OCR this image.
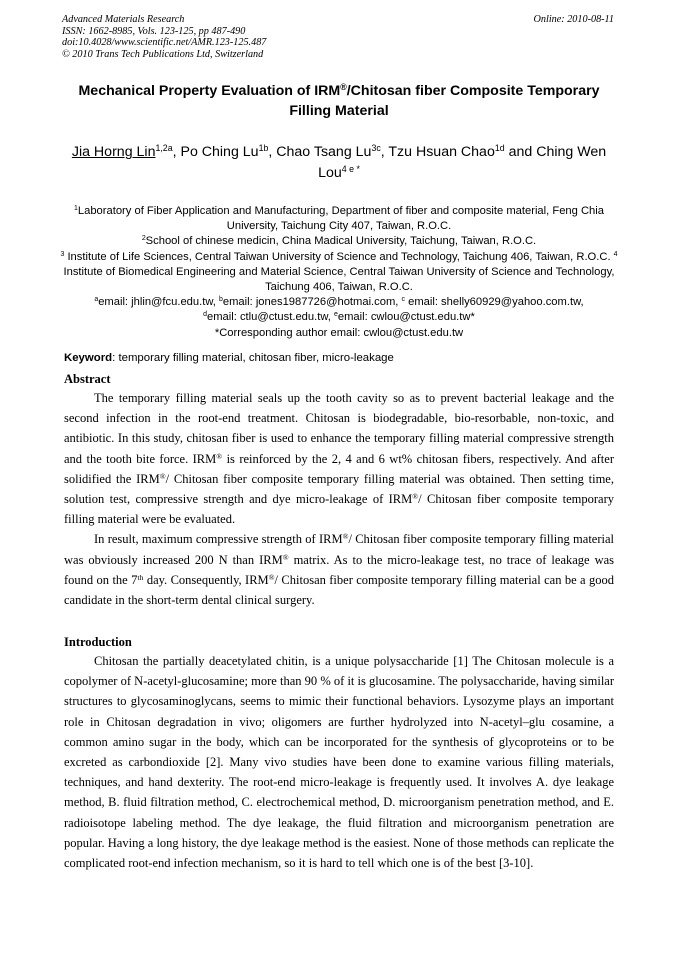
Advanced Materials Research
ISSN: 1662-8985, Vols. 123-125, pp 487-490
doi:10.4028/www.scientific.net/AMR.123-125.487
© 2010 Trans Tech Publications Ltd, Switzerland
Online: 2010-08-11
Mechanical Property Evaluation of IRM®/Chitosan fiber Composite Temporary Filling Material
Jia Horng Lin$^{1,2a}$, Po Ching $Lu^{1b}$, Chao Tsang $Lu^{3c}$, Tzu Hsuan Chao$^{1d}$ and Ching Wen Lou$^{4 e *}$
$^1$Laboratory of Fiber Application and Manufacturing, Department of fiber and composite material, Feng Chia University, Taichung City 407, Taiwan, R.O.C.
$^2$School of chinese medicin, China Madical University, Taichung, Taiwan, R.O.C.
$^3$ Institute of Life Sciences, Central Taiwan University of Science and Technology, Taichung 406, Taiwan, R.O.C. $^4$ Institute of Biomedical Engineering and Material Science, Central Taiwan University of Science and Technology, Taichung 406, Taiwan, R.O.C.
$^a$email: jhlin@fcu.edu.tw, $^b$email: jones1987726@hotmai.com, $^c$ email: shelly60929@yahoo.com.tw,
$^d$email: ctlu@ctust.edu.tw, $^e$email: cwlou@ctust.edu.tw*
*Corresponding author email: cwlou@ctust.edu.tw
Keyword: temporary filling material, chitosan fiber, micro-leakage
Abstract

The temporary filling material seals up the tooth cavity so as to prevent bacterial leakage and the second infection in the root-end treatment. Chitosan is biodegradable, bio-resorbable, non-toxic, and antibiotic. In this study, chitosan fiber is used to enhance the temporary filling material compressive strength and the tooth bite force. IRM® is reinforced by the 2, 4 and 6 wt% chitosan fibers, respectively. And after solidified the IRM®/ Chitosan fiber composite temporary filling material was obtained. Then setting time, solution test, compressive strength and dye micro-leakage of IRM®/ Chitosan fiber composite temporary filling material were be evaluated.

In result, maximum compressive strength of IRM®/ Chitosan fiber composite temporary filling material was obviously increased 200 N than IRM® matrix. As to the micro-leakage test, no trace of leakage was found on the 7th day. Consequently, IRM®/ Chitosan fiber composite temporary filling material can be a good candidate in the short-term dental clinical surgery.

Introduction

Chitosan the partially deacetylated chitin, is a unique polysaccharide [1] The Chitosan molecule is a copolymer of N-acetyl-glucosamine; more than 90 % of it is glucosamine. The polysaccharide, having similar structures to glycosaminoglycans, seems to mimic their functional behaviors. Lysozyme plays an important role in Chitosan degradation in vivo; oligomers are further hydrolyzed into N-acetyl–glu cosamine, a common amino sugar in the body, which can be incorporated for the synthesis of glycoproteins or to be excreted as carbondioxide [2]. Many vivo studies have been done to examine various filling materials, techniques, and hand dexterity. The root-end micro-leakage is frequently used. It involves A. dye leakage method, B. fluid filtration method, C. electrochemical method, D. microorganism penetration method, and E. radioisotope labeling method. The dye leakage, the fluid filtration and microorganism penetration are popular. Having a long history, the dye leakage method is the easiest. None of those methods can replicate the complicated root-end infection mechanism, so it is hard to tell which one is of the best [3-10].
